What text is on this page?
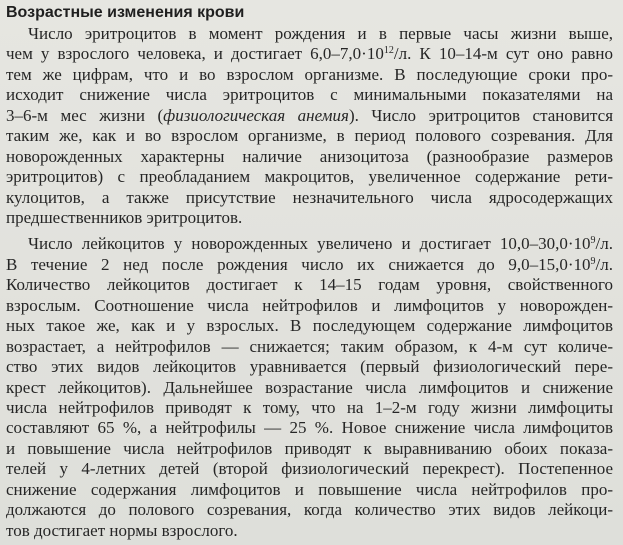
Возрастные изменения крови
Число эритроцитов в момент рождения и в первые часы жизни выше,
чем у взрослого человека, и достигает $6,0-7,0\cdot 10^{12}/л$. К 10–14-м сут оно равно
тем же цифрам, что и во взрослом организме. В последующие сроки про-
исходит снижение числа эритроцитов с минимальными показателями на
3–6-м мес жизни (физиологическая анемия). Число эритроцитов становится
таким же, как и во взрослом организме, в период полового созревания. Для
новорожденных характерны наличие анизоцитоза (разнообразие размеров
эритроцитов) с преобладанием макроцитов, увеличенное содержание рети-
кулоцитов, а также присутствие незначительного числа ядросодержащих
предшественников эритроцитов.
Число лейкоцитов у новорожденных увеличено и достигает $10,0-30,0\cdot 10^9/л$.
В течение 2 нед после рождения число их снижается до $9,0-15,0\cdot 10^9/л$.
Количество лейкоцитов достигает к 14–15 годам уровня, свойственного
взрослым. Соотношение числа нейтрофилов и лимфоцитов у новорожден-
ных такое же, как и у взрослых. В последующем содержание лимфоцитов
возрастает, а нейтрофилов — снижается; таким образом, к 4-м сут количе-
ство этих видов лейкоцитов уравнивается (первый физиологический пере-
крест лейкоцитов). Дальнейшее возрастание числа лимфоцитов и снижение
числа нейтрофилов приводят к тому, что на 1–2-м году жизни лимфоциты
составляют 65 %, а нейтрофилы — 25 %. Новое снижение числа лимфоцитов
и повышение числа нейтрофилов приводят к выравниванию обоих показа-
телей у 4-летних детей (второй физиологический перекрест). Постепенное
снижение содержания лимфоцитов и повышение числа нейтрофилов про-
должаются до полового созревания, когда количество этих видов лейкоци-
тов достигает нормы взрослого.
